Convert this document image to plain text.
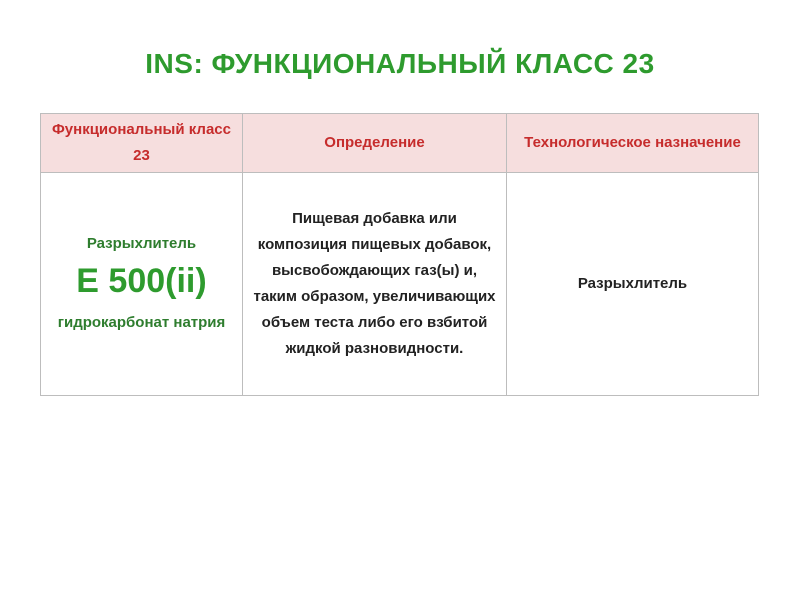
INS: ФУНКЦИОНАЛЬНЫЙ КЛАСС 23
Функциональный класс 23	Определение	Технологическое назначение

Разрыхлитель
Е 500(ii)
гидрокарбонат натрия	Пищевая добавка или композиция пищевых добавок, высвобождающих газ(ы) и, таким образом, увеличивающих объем теста либо его взбитой жидкой разновидности.	Разрыхлитель
